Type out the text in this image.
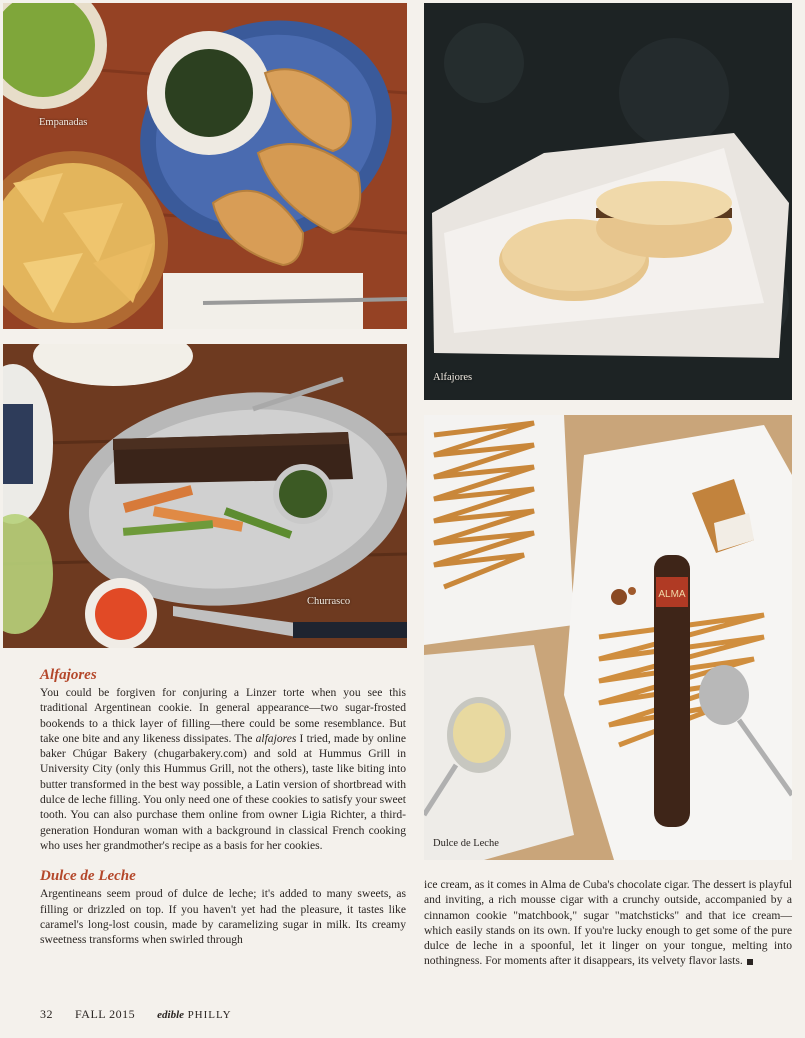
Empanadas
Alfajores
Churrasco
ALMA
Dulce de Leche
Alfajores

You could be forgiven for conjuring a Linzer torte when you see this traditional Argentinean cookie. In general appearance—two sugar-frosted bookends to a thick layer of filling—there could be some resemblance. But take one bite and any likeness dissipates. The alfajores I tried, made by online baker Chúgar Bakery (chugarbakery.com) and sold at Hummus Grill in University City (only this Hummus Grill, not the others), taste like biting into butter transformed in the best way possible, a Latin version of shortbread with dulce de leche filling. You only need one of these cookies to satisfy your sweet tooth. You can also purchase them online from owner Ligia Richter, a third-generation Honduran woman with a background in classical French cooking who uses her grandmother's recipe as a basis for her cookies.

Dulce de Leche

Argentineans seem proud of dulce de leche; it's added to many sweets, as filling or drizzled on top. If you haven't yet had the pleasure, it tastes like caramel's long-lost cousin, made by caramelizing sugar in milk. Its creamy sweetness transforms when swirled through

ice cream, as it comes in Alma de Cuba's chocolate cigar. The dessert is playful and inviting, a rich mousse cigar with a crunchy outside, accompanied by a cinnamon cookie "matchbook," sugar "matchsticks" and that ice cream—which easily stands on its own. If you're lucky enough to get some of the pure dulce de leche in a spoonful, let it linger on your tongue, melting into nothingness. For moments after it disappears, its velvety flavor lasts.

32 FALL 2015 edible PHILLY
